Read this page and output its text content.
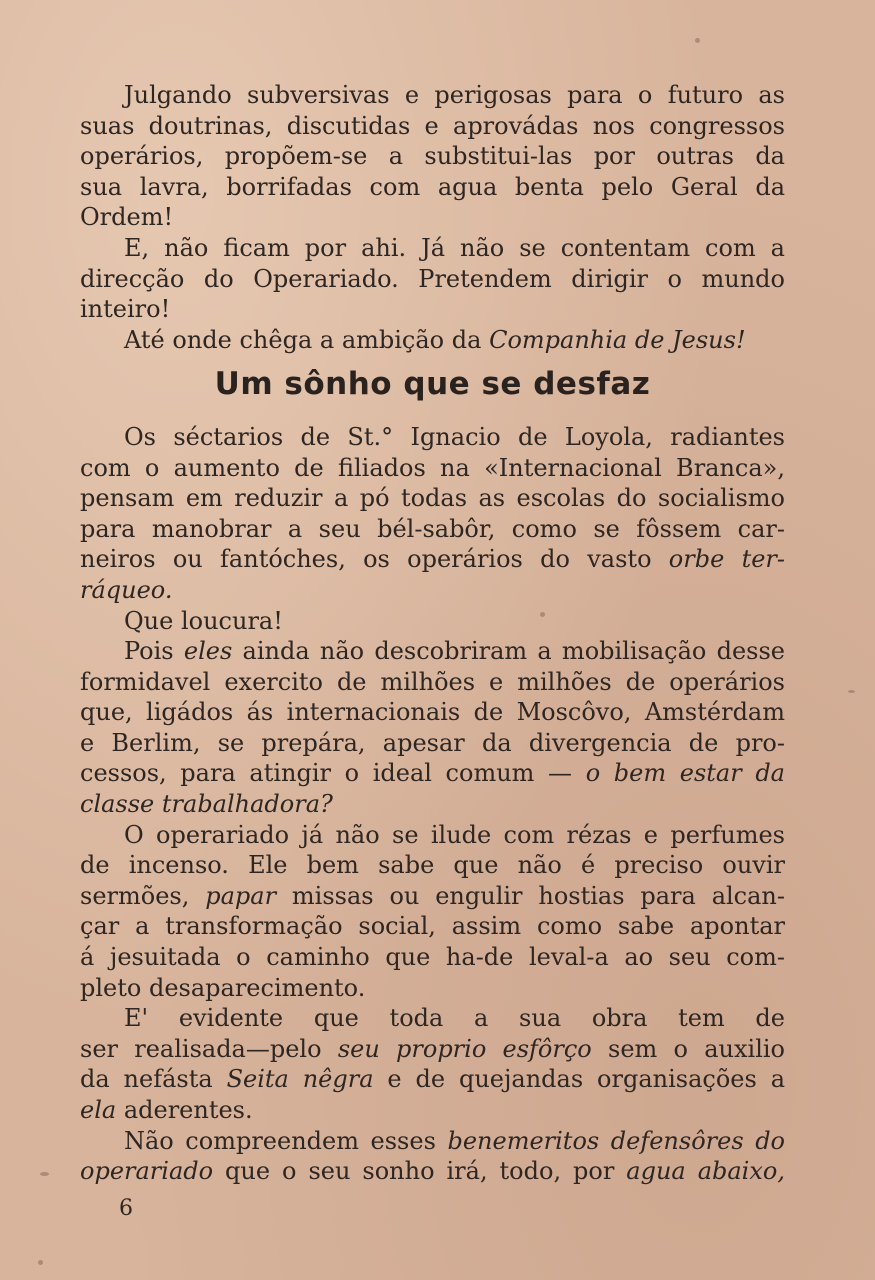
Julgando subversivas e perigosas para o futuro as

suas doutrinas, discutidas e aprovádas nos congressos

operários, propõem-se a substitui-las por outras da

sua lavra, borrifadas com agua benta pelo Geral da

Ordem!

E, não ficam por ahi. Já não se contentam com a

direcção do Operariado. Pretendem dirigir o mundo

inteiro!

Até onde chêga a ambição da Companhia de Jesus!

Um sônho que se desfaz

Os séctarios de St.° Ignacio de Loyola, radiantes

com o aumento de filiados na «Internacional Branca»,

pensam em reduzir a pó todas as escolas do socialismo

para manobrar a seu bél-sabôr, como se fôssem car-

neiros ou fantóches, os operários do vasto orbe ter-

ráqueo.

Que loucura!

Pois eles ainda não descobriram a mobilisação desse

formidavel exercito de milhões e milhões de operários

que, ligádos ás internacionais de Moscôvo, Amstérdam

e Berlim, se prepára, apesar da divergencia de pro-

cessos, para atingir o ideal comum — o bem estar da

classe trabalhadora?

O operariado já não se ilude com rézas e perfumes

de incenso. Ele bem sabe que não é preciso ouvir

sermões, papar missas ou engulir hostias para alcan-

çar a transformação social, assim como sabe apontar

á jesuitada o caminho que ha-de leval-a ao seu com-

pleto desaparecimento.

E' evidente que toda a sua obra tem de

ser realisada—pelo seu proprio esfôrço sem o auxilio

da nefásta Seita nêgra e de quejandas organisações a

ela aderentes.

Não compreendem esses benemeritos defensôres do

operariado que o seu sonho irá, todo, por agua abaixo,

6
